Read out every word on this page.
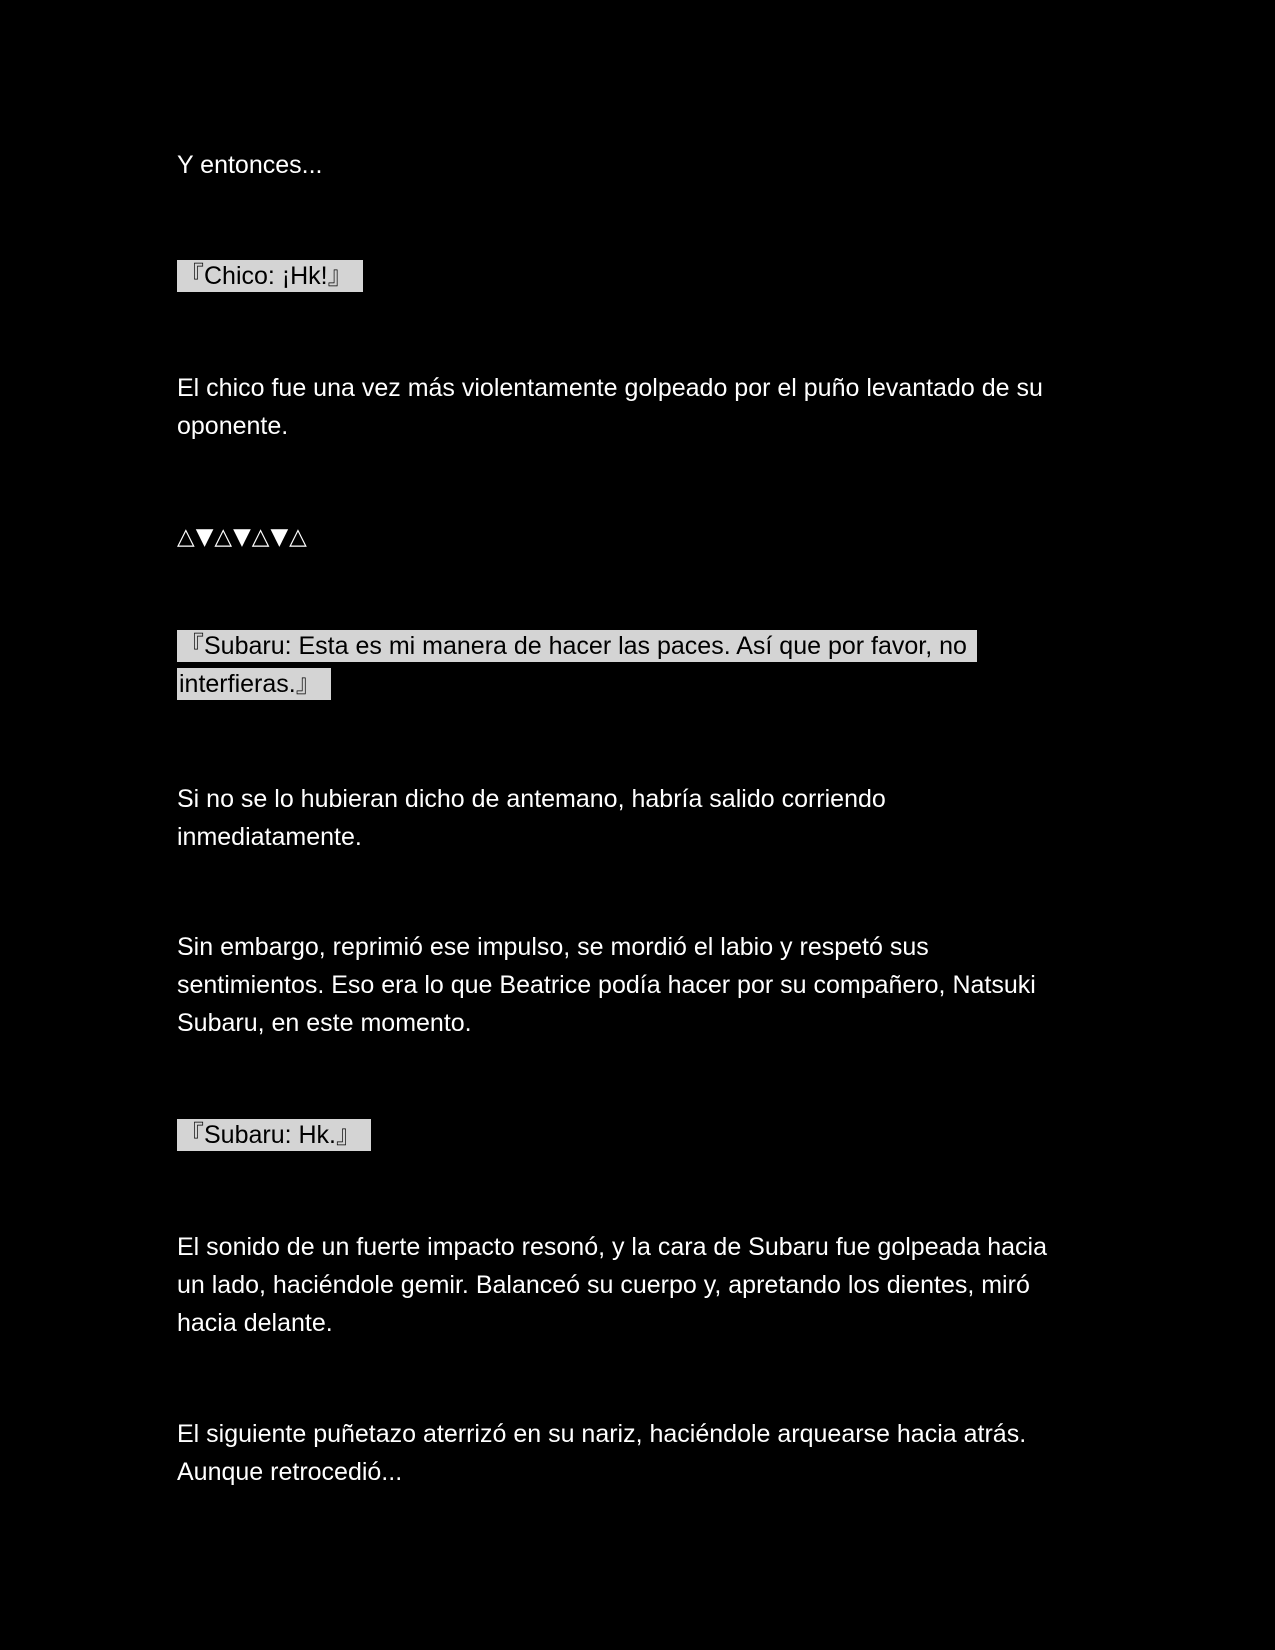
Y entonces...

『Chico: ¡Hk!』

El chico fue una vez más violentamente golpeado por el puño levantado de su oponente.

△▼△▼△▼△

『Subaru: Esta es mi manera de hacer las paces. Así que por favor, no interfieras.』

Si no se lo hubieran dicho de antemano, habría salido corriendo inmediatamente.

Sin embargo, reprimió ese impulso, se mordió el labio y respetó sus sentimientos. Eso era lo que Beatrice podía hacer por su compañero, Natsuki Subaru, en este momento.

『Subaru: Hk.』

El sonido de un fuerte impacto resonó, y la cara de Subaru fue golpeada hacia un lado, haciéndole gemir. Balanceó su cuerpo y, apretando los dientes, miró hacia delante.

El siguiente puñetazo aterrizó en su nariz, haciéndole arquearse hacia atrás. Aunque retrocedió...
